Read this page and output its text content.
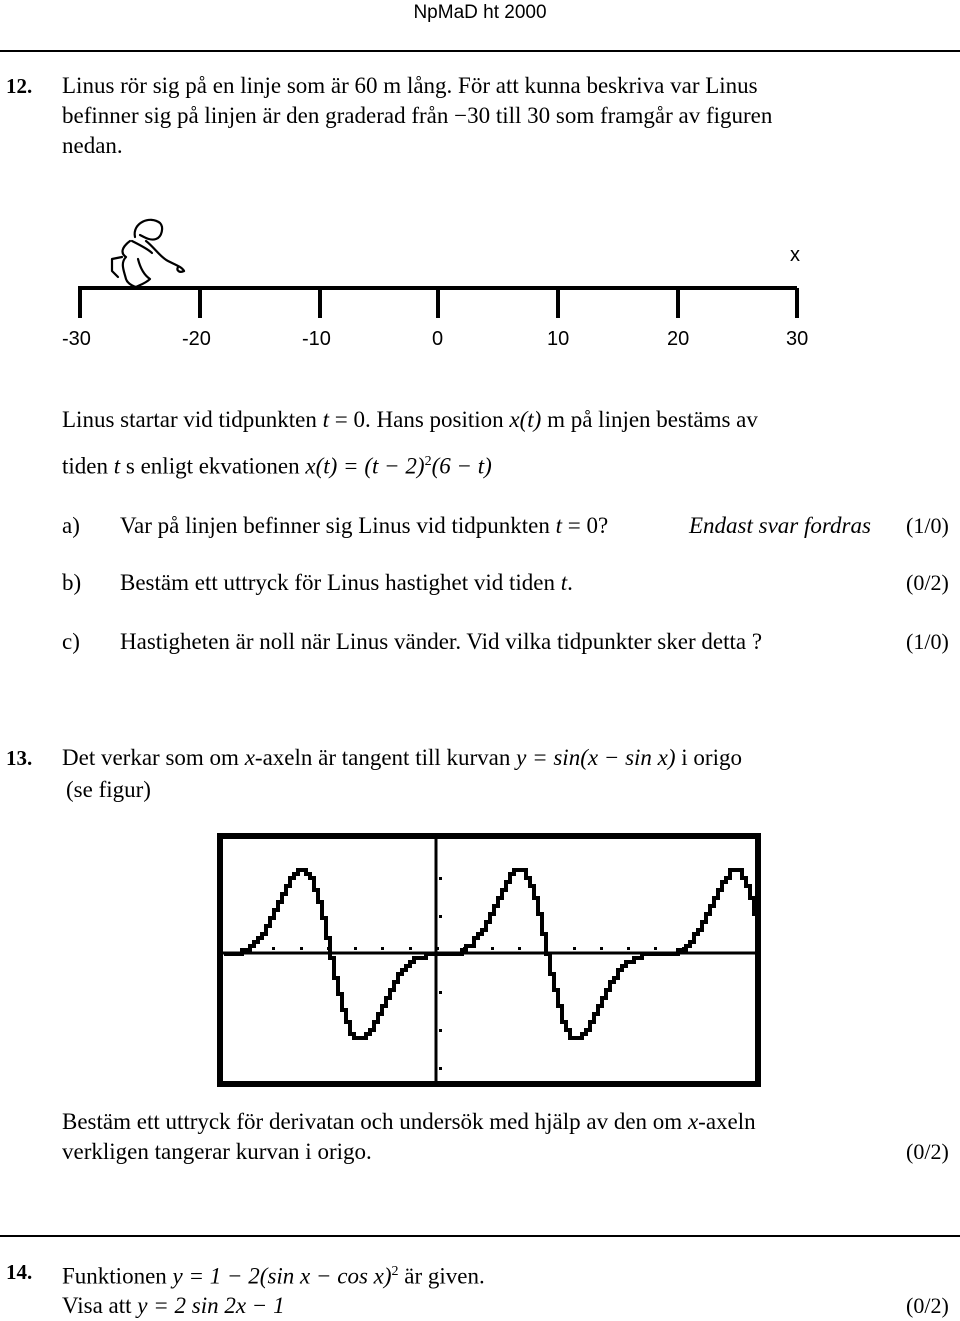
NpMaD ht 2000
12. Linus rör sig på en linje som är 60 m lång. För att kunna beskriva var Linus
befinner sig på linjen är den graderad från −30 till 30 som framgår av figuren
nedan.
x
-30	-20	-10	0	10	20	30
Linus startar vid tidpunkten t = 0. Hans position x(t) m på linjen bestäms av
tiden t s enligt ekvationen $x(t) = (t - 2)^2(6 - t)$
a) Var på linjen befinner sig Linus vid tidpunkten t = 0?	Endast svar fordras (1/0)
b) Bestäm ett uttryck för Linus hastighet vid tiden t.	(0/2)
c) Hastigheten är noll när Linus vänder. Vid vilka tidpunkter sker detta ?	(1/0)
13. Det verkar som om x-axeln är tangent till kurvan y = sin(x − sin x) i origo
(se figur)
Bestäm ett uttryck för derivatan och undersök med hjälp av den om x-axeln
verkligen tangerar kurvan i origo.	(0/2)
14. Funktionen y = 1 − 2(sin x − cos x)$^2$ är given.
Visa att y = 2 sin 2x − 1	(0/2)
